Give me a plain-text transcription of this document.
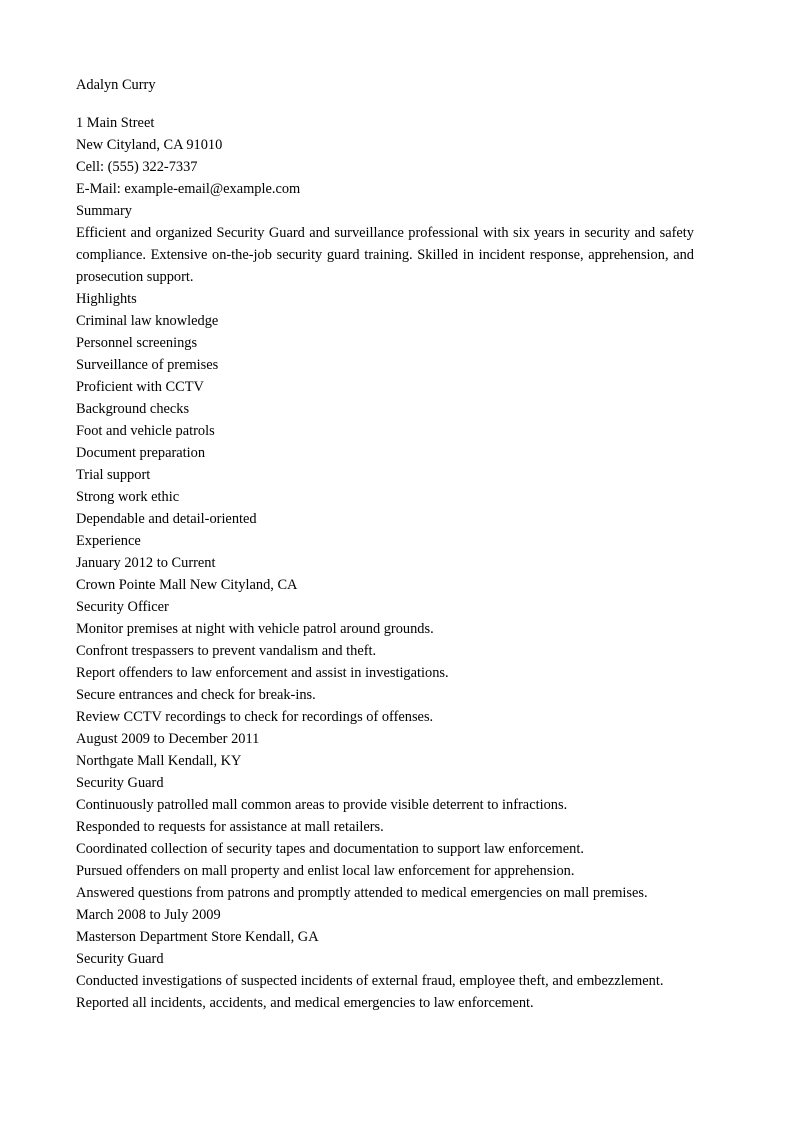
Adalyn Curry
1 Main Street
New Cityland, CA 91010
Cell: (555) 322-7337
E-Mail: example-email@example.com
Summary
Efficient and organized Security Guard and surveillance professional with six years in security and safety compliance. Extensive on-the-job security guard training. Skilled in incident response, apprehension, and prosecution support.
Highlights
Criminal law knowledge
Personnel screenings
Surveillance of premises
Proficient with CCTV
Background checks
Foot and vehicle patrols
Document preparation
Trial support
Strong work ethic
Dependable and detail-oriented
Experience
January 2012 to Current
Crown Pointe Mall New Cityland, CA
Security Officer
Monitor premises at night with vehicle patrol around grounds.
Confront trespassers to prevent vandalism and theft.
Report offenders to law enforcement and assist in investigations.
Secure entrances and check for break-ins.
Review CCTV recordings to check for recordings of offenses.
August 2009 to December 2011
Northgate Mall Kendall, KY
Security Guard
Continuously patrolled mall common areas to provide visible deterrent to infractions.
Responded to requests for assistance at mall retailers.
Coordinated collection of security tapes and documentation to support law enforcement.
Pursued offenders on mall property and enlist local law enforcement for apprehension.
Answered questions from patrons and promptly attended to medical emergencies on mall premises.
March 2008 to July 2009
Masterson Department Store Kendall, GA
Security Guard
Conducted investigations of suspected incidents of external fraud, employee theft, and embezzlement.
Reported all incidents, accidents, and medical emergencies to law enforcement.
